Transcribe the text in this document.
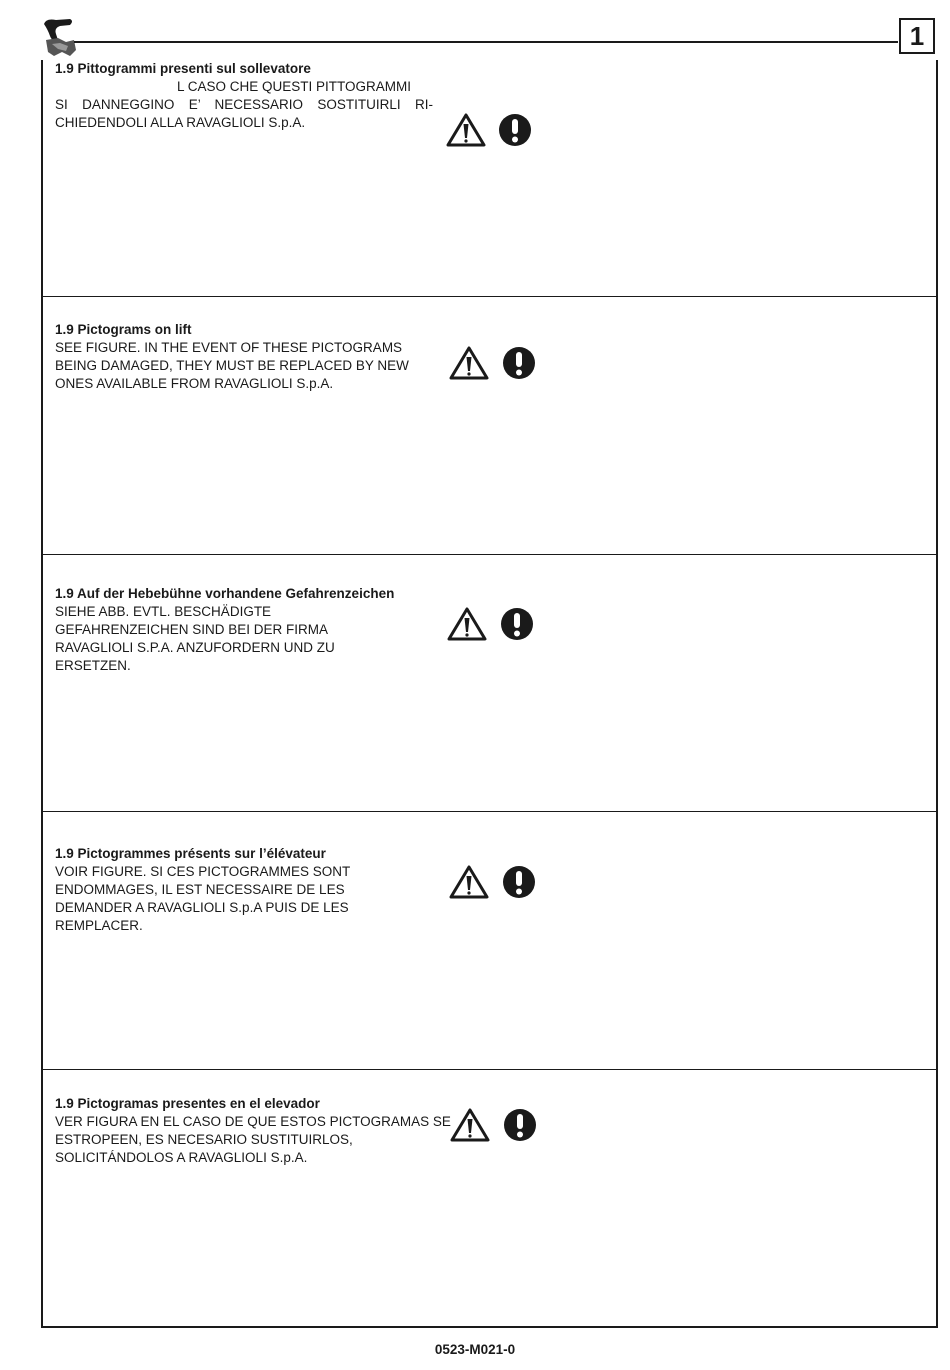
1
1.9 Pittogrammi presenti sul sollevatore
L CASO CHE QUESTI PITTOGRAMMI

SI DANNEGGINO E’ NECESSARIO SOSTITUIRLI RI-CHIEDENDOLI ALLA RAVAGLIOLI S.p.A.

1.9 Pictograms on lift

SEE FIGURE. IN THE EVENT OF THESE PICTOGRAMS BEING DAMAGED, THEY MUST BE REPLACED BY NEW ONES AVAILABLE FROM RAVAGLIOLI S.p.A.

1.9 Auf der Hebebühne vorhandene Gefahrenzeichen

SIEHE ABB. EVTL. BESCHÄDIGTE GEFAHRENZEICHEN SIND BEI DER FIRMA RAVAGLIOLI S.P.A. ANZUFORDERN UND ZU ERSETZEN.

1.9 Pictogrammes présents sur l’élévateur

VOIR FIGURE. SI CES PICTOGRAMMES SONT ENDOMMAGES, IL EST NECESSAIRE DE LES DEMANDER A RAVAGLIOLI S.p.A PUIS DE LES REMPLACER.

1.9 Pictogramas presentes en el elevador

VER FIGURA EN EL CASO DE QUE ESTOS PICTOGRAMAS SE ESTROPEEN, ES NECESARIO SUSTITUIRLOS, SOLICITÁNDOLOS A RAVAGLIOLI S.p.A.

0523-M021-0
